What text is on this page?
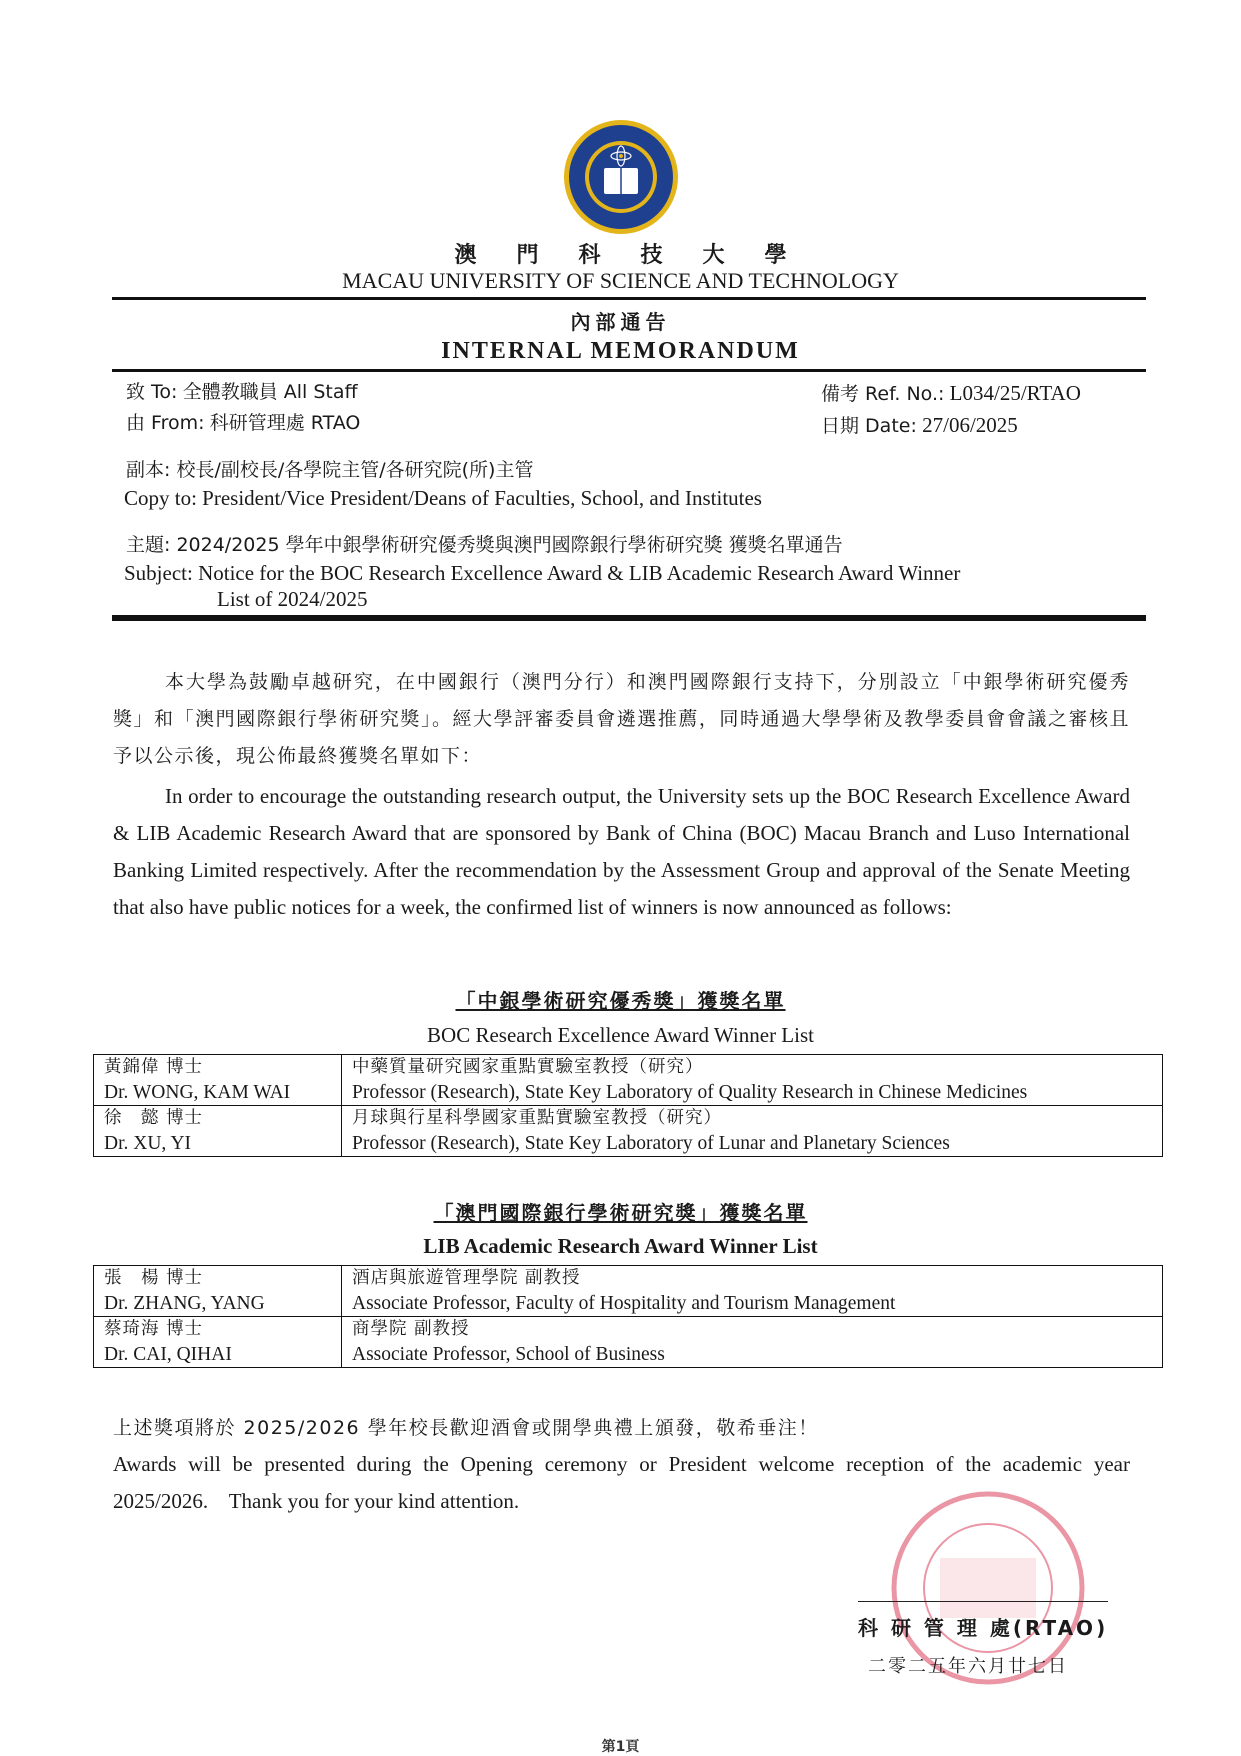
澳門科技大學
MACAU UNIVERSITY OF SCIENCE AND TECHNOLOGY
內部通告
INTERNAL MEMORANDUM
致 To: 全體教職員 All Staff
由 From: 科研管理處 RTAO
備考 Ref. No.: L034/25/RTAO
日期 Date: 27/06/2025
副本: 校長/副校長/各學院主管/各研究院(所)主管
Copy to: President/Vice President/Deans of Faculties, School, and Institutes
主題: 2024/2025 學年中銀學術研究優秀獎與澳門國際銀行學術研究獎 獲獎名單通告
Subject: Notice for the BOC Research Excellence Award & LIB Academic Research Award Winner
List of 2024/2025
本大學為鼓勵卓越研究，在中國銀行（澳門分行）和澳門國際銀行支持下，分別設立「中銀學術研究優秀獎」和「澳門國際銀行學術研究獎」。經大學評審委員會遴選推薦，同時通過大學學術及教學委員會會議之審核且予以公示後，現公佈最終獲獎名單如下：
In order to encourage the outstanding research output, the University sets up the BOC Research Excellence Award & LIB Academic Research Award that are sponsored by Bank of China (BOC) Macau Branch and Luso International Banking Limited respectively. After the recommendation by the Assessment Group and approval of the Senate Meeting that also have public notices for a week, the confirmed list of winners is now announced as follows:
「中銀學術研究優秀獎」獲獎名單
BOC Research Excellence Award Winner List
黃錦偉 博士
Dr. WONG, KAM WAI	中藥質量研究國家重點實驗室教授（研究）
Professor (Research), State Key Laboratory of Quality Research in Chinese Medicines

徐　懿 博士
Dr. XU, YI	月球與行星科學國家重點實驗室教授（研究）
Professor (Research), State Key Laboratory of Lunar and Planetary Sciences
「澳門國際銀行學術研究獎」獲獎名單
LIB Academic Research Award Winner List
張　楊 博士
Dr. ZHANG, YANG	酒店與旅遊管理學院 副教授
Associate Professor, Faculty of Hospitality and Tourism Management

蔡琦海 博士
Dr. CAI, QIHAI	商學院 副教授
Associate Professor, School of Business
上述獎項將於 2025/2026 學年校長歡迎酒會或開學典禮上頒發，敬希垂注！
Awards will be presented during the Opening ceremony or President welcome reception of the academic year 2025/2026.    Thank you for your kind attention.
科 研 管 理 處(RTAO)
二零二五年六月廿七日
第1頁
